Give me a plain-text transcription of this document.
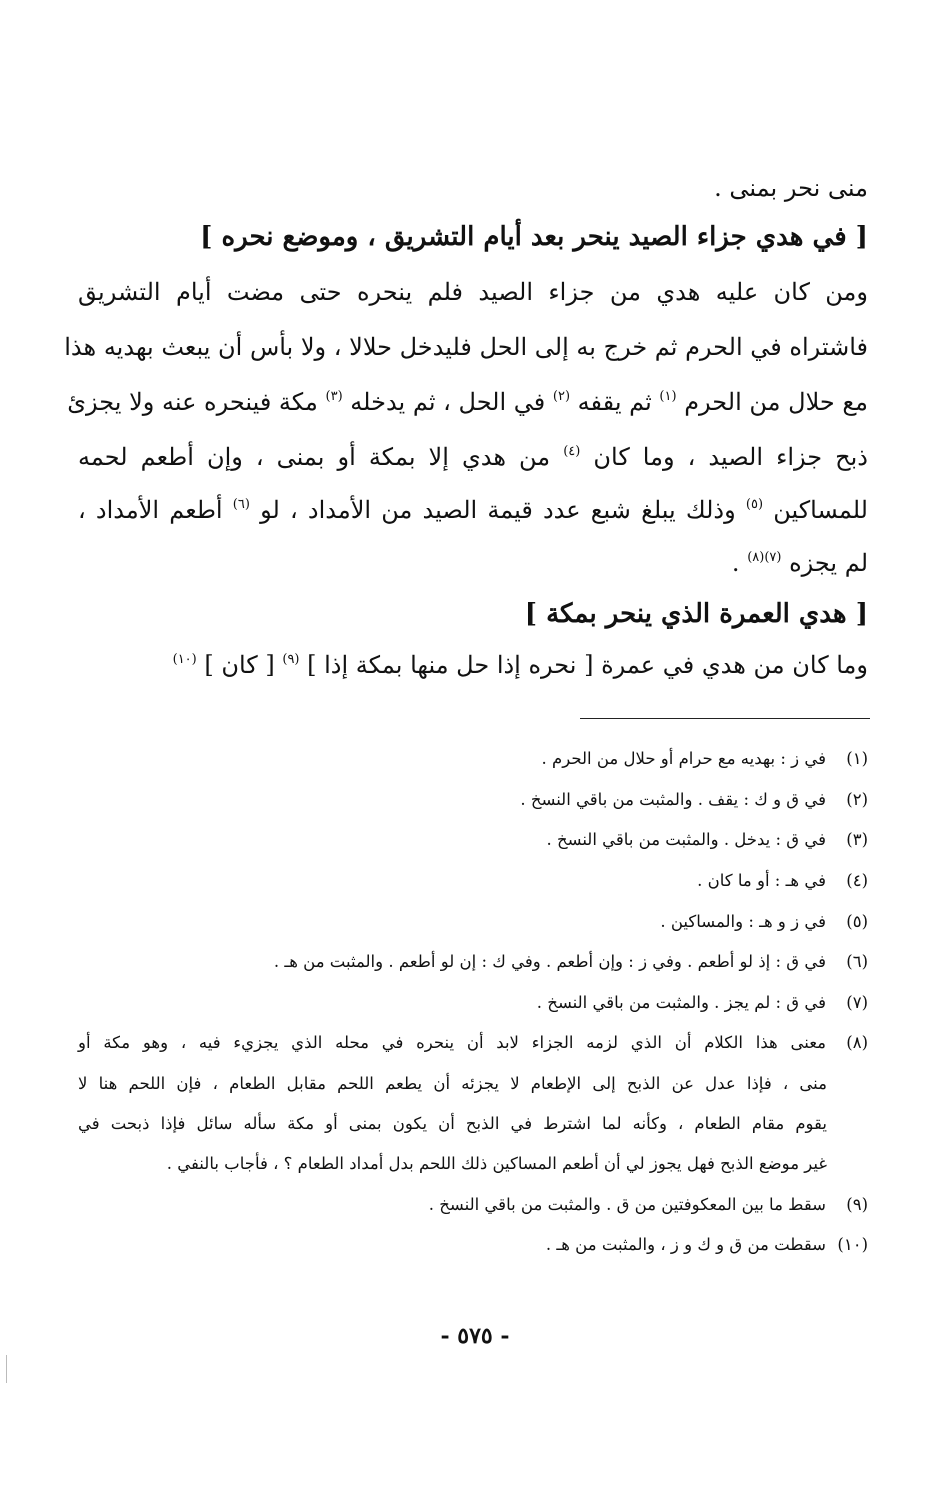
منى نحر بمنى .
[ في هدي جزاء الصيد ينحر بعد أيام التشريق ، وموضع نحره ]
ومن كان عليه هدي من جزاء الصيد فلم ينحره حتى مضت أيام التشريق
فاشتراه في الحرم ثم خرج به إلى الحل فليدخل حلالا ، ولا بأس أن يبعث بهديه هذا
مع حلال من الحرم $^{(١)}$ ثم يقفه $^{(٢)}$ في الحل ، ثم يدخله $^{(٣)}$ مكة فينحره عنه ولا يجزئ
ذبح جزاء الصيد ، وما كان $^{(٤)}$ من هدي إلا بمكة أو بمنى ، وإن أطعم لحمه
للمساكين $^{(٥)}$ وذلك يبلغ شبع عدد قيمة الصيد من الأمداد ، لو $^{(٦)}$ أطعم الأمداد ،
لم يجزه $^{(٧)(٨)}$ .
[ هدي العمرة الذي ينحر بمكة ]
وما كان من هدي في عمرة [ نحره إذا حل منها بمكة إذا ] $^{(٩)}$ [ كان ] $^{(١٠)}$
(١)في ز : بهديه مع حرام أو حلال من الحرم .
(٢)في ق و ك : يقف . والمثبت من باقي النسخ .
(٣)في ق : يدخل . والمثبت من باقي النسخ .
(٤)في هـ : أو ما كان .
(٥)في ز و هـ : والمساكين .
(٦)في ق : إذ لو أطعم . وفي ز : وإن أطعم . وفي ك : إن لو أطعم . والمثبت من هـ .
(٧)في ق : لم يجز . والمثبت من باقي النسخ .
(٨)معنى هذا الكلام أن الذي لزمه الجزاء لابد أن ينحره في محله الذي يجزيء فيه ، وهو مكة أو
منى ، فإذا عدل عن الذبح إلى الإطعام لا يجزئه أن يطعم اللحم مقابل الطعام ، فإن اللحم هنا لا
يقوم مقام الطعام ، وكأنه لما اشترط في الذبح أن يكون بمنى أو مكة سأله سائل فإذا ذبحت في
غير موضع الذبح فهل يجوز لي أن أطعم المساكين ذلك اللحم بدل أمداد الطعام ؟ ، فأجاب بالنفي .
(٩)سقط ما بين المعكوفتين من ق . والمثبت من باقي النسخ .
(١٠)سقطت من ق و ك و ز ، والمثبت من هـ .
- ٥٧٥ -
